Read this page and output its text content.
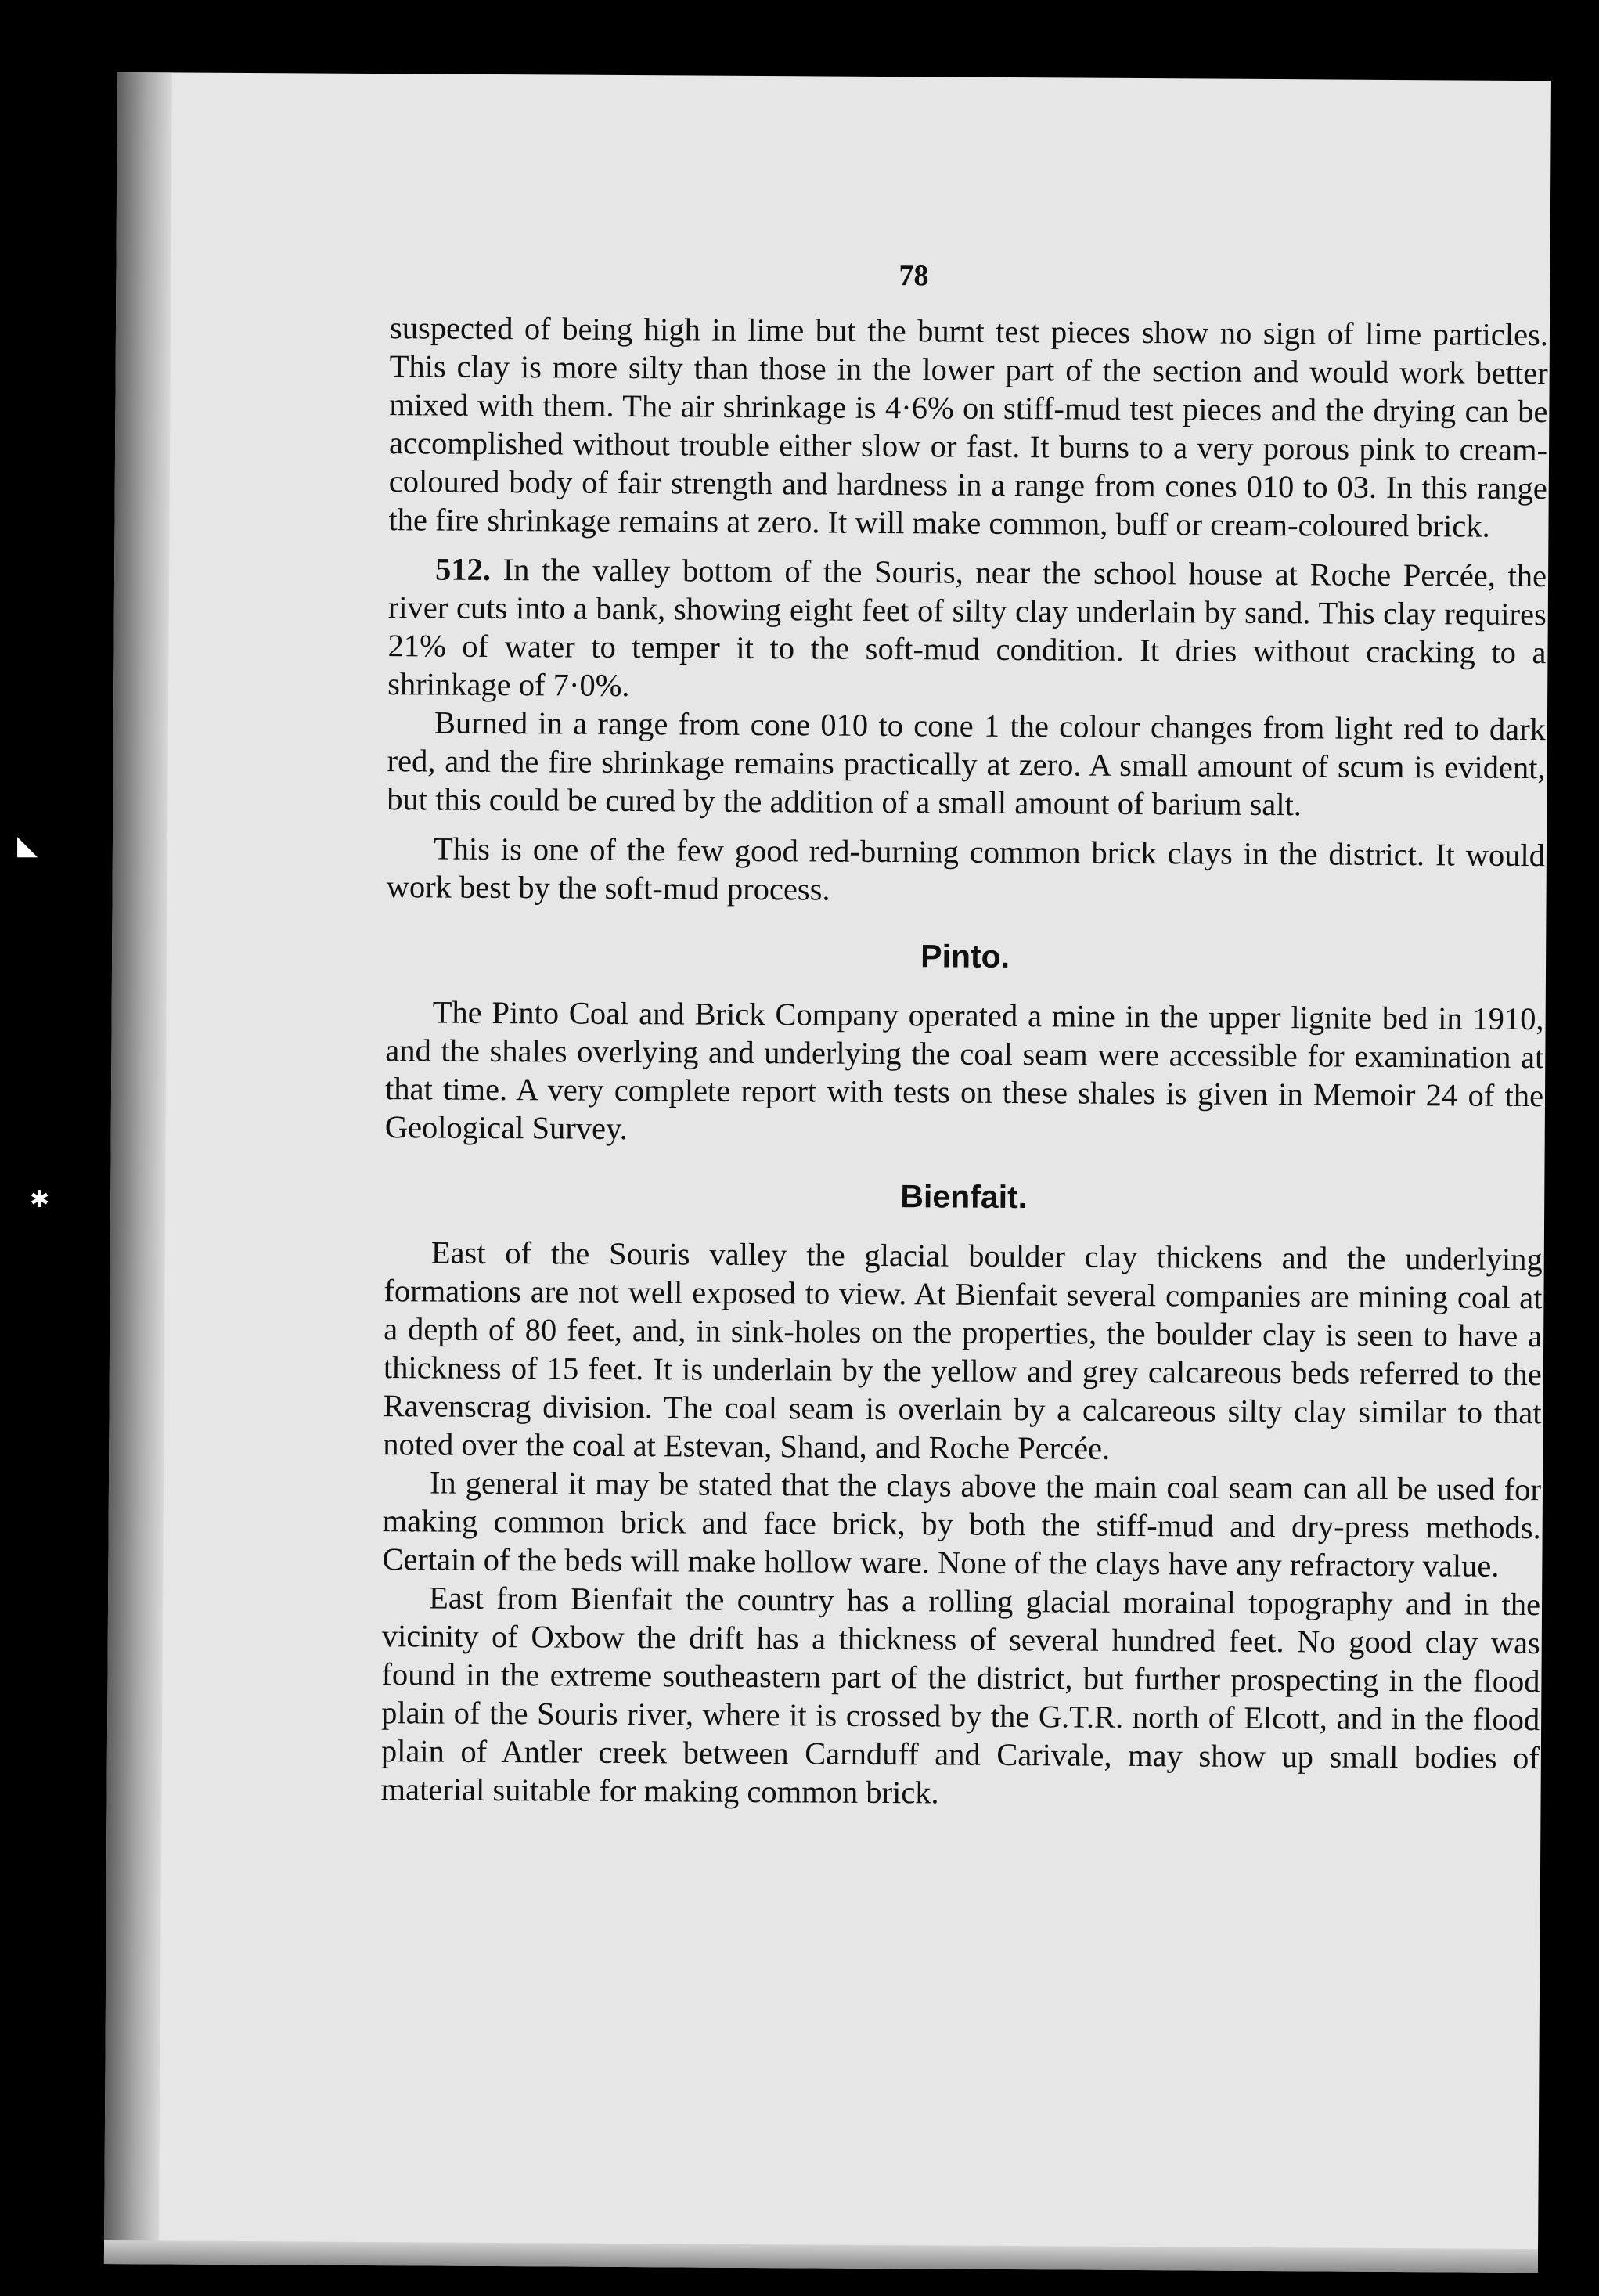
78

suspected of being high in lime but the burnt test pieces show no sign of lime particles. This clay is more silty than those in the lower part of the section and would work better mixed with them. The air shrinkage is 4·6% on stiff-mud test pieces and the drying can be accomplished without trouble either slow or fast. It burns to a very porous pink to cream-coloured body of fair strength and hardness in a range from cones 010 to 03. In this range the fire shrinkage remains at zero. It will make common, buff or cream-coloured brick.

512. In the valley bottom of the Souris, near the school house at Roche Percée, the river cuts into a bank, showing eight feet of silty clay underlain by sand. This clay requires 21% of water to temper it to the soft-mud condition. It dries without cracking to a shrinkage of 7·0%.

Burned in a range from cone 010 to cone 1 the colour changes from light red to dark red, and the fire shrinkage remains practically at zero. A small amount of scum is evident, but this could be cured by the addition of a small amount of barium salt.

This is one of the few good red-burning common brick clays in the district. It would work best by the soft-mud process.

Pinto.

The Pinto Coal and Brick Company operated a mine in the upper lignite bed in 1910, and the shales overlying and underlying the coal seam were accessible for examination at that time. A very complete report with tests on these shales is given in Memoir 24 of the Geological Survey.

Bienfait.

East of the Souris valley the glacial boulder clay thickens and the underlying formations are not well exposed to view. At Bienfait several companies are mining coal at a depth of 80 feet, and, in sink-holes on the properties, the boulder clay is seen to have a thickness of 15 feet. It is underlain by the yellow and grey calcareous beds referred to the Ravenscrag division. The coal seam is overlain by a calcareous silty clay similar to that noted over the coal at Estevan, Shand, and Roche Percée.

In general it may be stated that the clays above the main coal seam can all be used for making common brick and face brick, by both the stiff-mud and dry-press methods. Certain of the beds will make hollow ware. None of the clays have any refractory value.

East from Bienfait the country has a rolling glacial morainal topography and in the vicinity of Oxbow the drift has a thickness of several hundred feet. No good clay was found in the extreme southeastern part of the district, but further prospecting in the flood plain of the Souris river, where it is crossed by the G.T.R. north of Elcott, and in the flood plain of Antler creek between Carnduff and Carivale, may show up small bodies of material suitable for making common brick.

◣
✱
